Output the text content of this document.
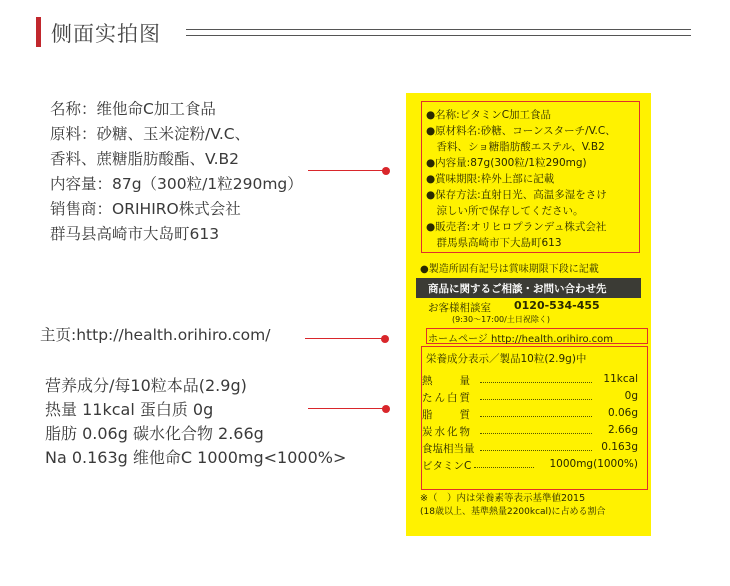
侧面实拍图
名称：维他命C加工食品
原料：砂糖、玉米淀粉/V.C、
香料、蔗糖脂肪酸酯、V.B2
内容量：87g（300粒/1粒290mg）
销售商：ORIHIRO株式会社
群马县高崎市大岛町613
主页:http://health.orihiro.com/
营养成分/每10粒本品(2.9g)
热量 11kcal 蛋白质 0g
脂肪 0.06g 碳水化合物 2.66g
Na 0.163g 维他命C 1000mg<1000%>
●名称:ビタミンC加工食品
●原材料名:砂糖、コーンスターチ/V.C、
　香料、ショ糖脂肪酸エステル、V.B2
●内容量:87g(300粒/1粒290mg)
●賞味期限:枠外上部に記載
●保存方法:直射日光、高温多湿をさけ
　涼しい所で保存してください。
●販売者:オリヒロプランデュ株式会社
　群馬県高崎市下大島町613
●製造所固有記号は賞味期限下段に記載
商品に関するご相談・お問い合わせ先
お客様相談室 0120-534-455
(9:30〜17:00/土日祝除く)
ホームページ http://health.orihiro.com
栄養成分表示／製品10粒(2.9g)中
熱　　量	11kcal
たん白質	0g
脂　　質	0.06g
炭水化物	2.66g
食塩相当量	0.163g
ビタミンC	1000mg(1000%)
※（　）内は栄養素等表示基準値2015
(18歳以上、基準熱量2200kcal)に占める割合
